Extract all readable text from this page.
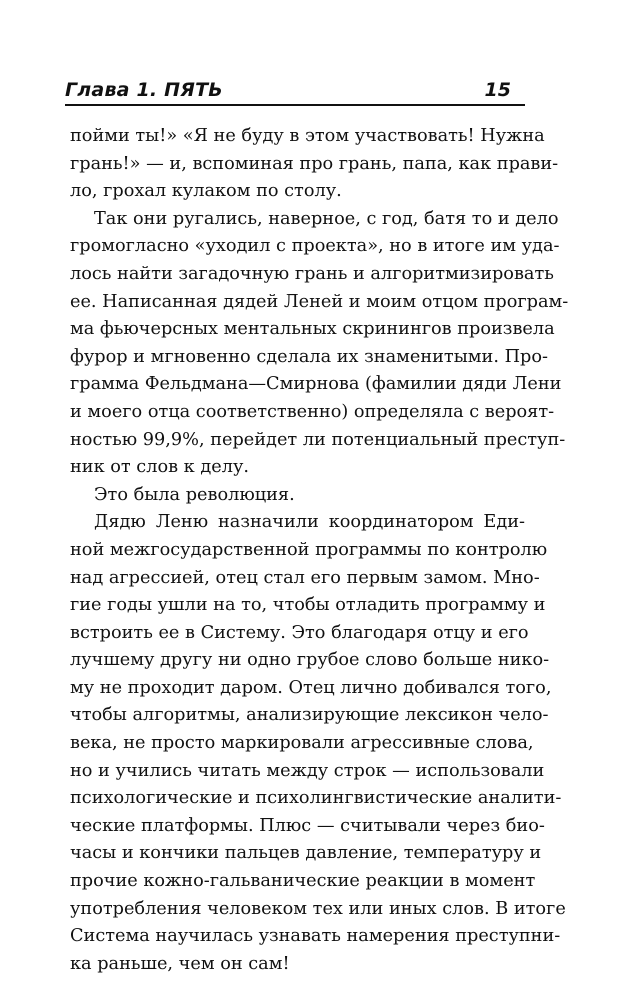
Глава 1. ПЯТЬ	15
пойми ты!» «Я не буду в этом участвовать! Нужна
грань!» — и, вспоминая про грань, папа, как прави-
ло, грохал кулаком по столу.
Так они ругались, наверное, с год, батя то и дело
громогласно «уходил с проекта», но в итоге им уда-
лось найти загадочную грань и алгоритмизировать
ее. Написанная дядей Леней и моим отцом програм-
ма фьючерсных ментальных скринингов произвела
фурор и мгновенно сделала их знаменитыми. Про-
грамма Фельдмана—Смирнова (фамилии дяди Лени
и моего отца соответственно) определяла с вероят-
ностью 99,9%, перейдет ли потенциальный преступ-
ник от слов к делу.
Это была революция.
Дядю Леню назначили координатором Еди-
ной межгосударственной программы по контролю
над агрессией, отец стал его первым замом. Мно-
гие годы ушли на то, чтобы отладить программу и
встроить ее в Систему. Это благодаря отцу и его
лучшему другу ни одно грубое слово больше нико-
му не проходит даром. Отец лично добивался того,
чтобы алгоритмы, анализирующие лексикон чело-
века, не просто маркировали агрессивные слова,
но и учились читать между строк — использовали
психологические и психолингвистические аналити-
ческие платформы. Плюс — считывали через био-
часы и кончики пальцев давление, температуру и
прочие кожно-гальванические реакции в момент
употребления человеком тех или иных слов. В итоге
Система научилась узнавать намерения преступни-
ка раньше, чем он сам!
